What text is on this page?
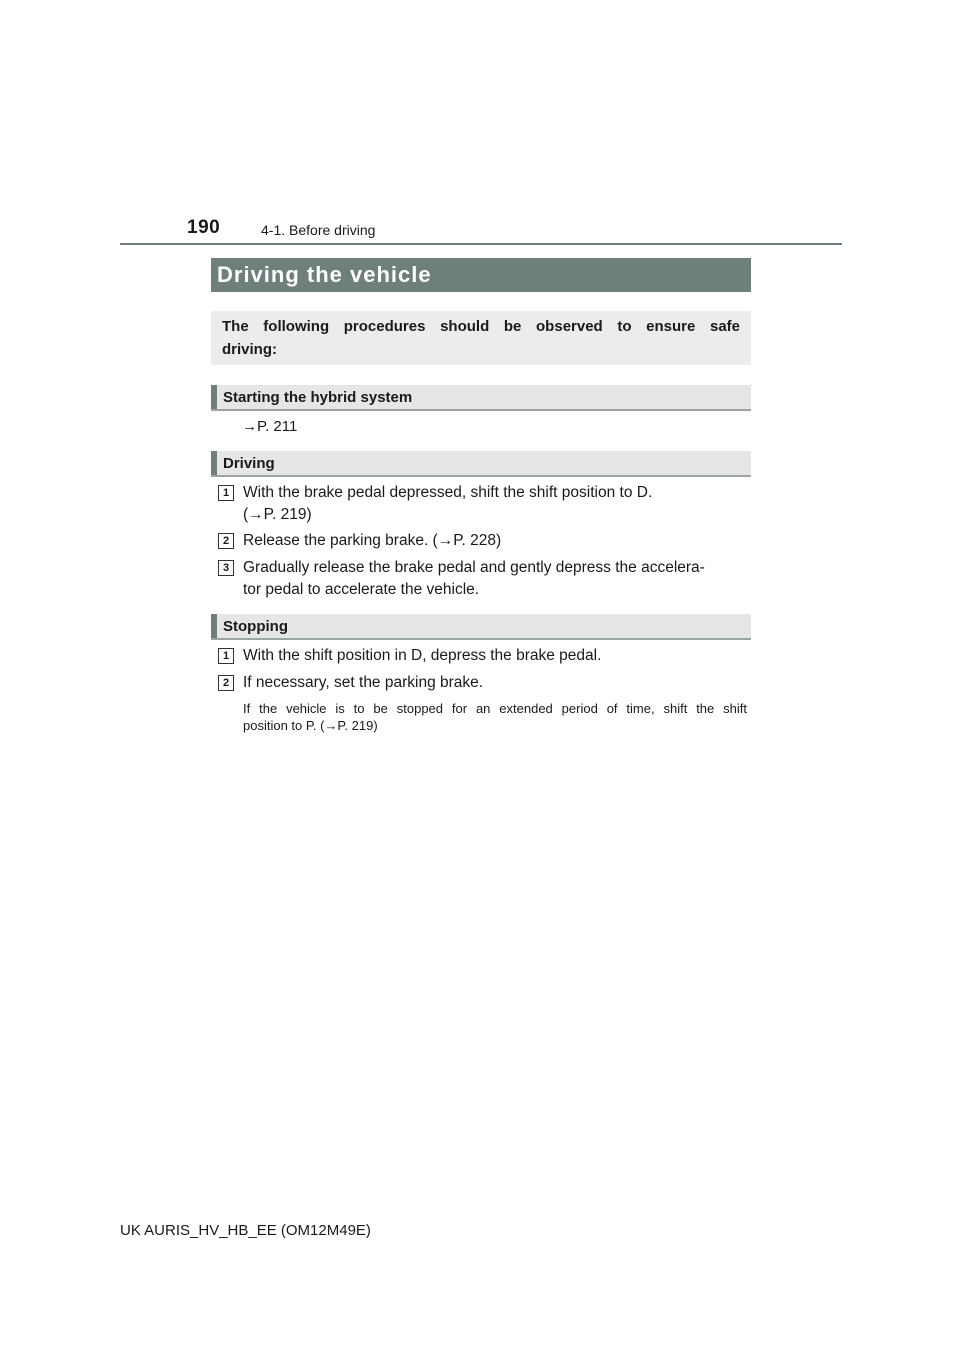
190	4-1. Before driving
Driving the vehicle
The following procedures should be observed to ensure safe
driving:
Starting the hybrid system
→P. 211
Driving
1 With the brake pedal depressed, shift the shift position to D.
(→P. 219)
2 Release the parking brake. (→P. 228)
3 Gradually release the brake pedal and gently depress the accelera-
tor pedal to accelerate the vehicle.
Stopping
1 With the shift position in D, depress the brake pedal.
2 If necessary, set the parking brake.
If the vehicle is to be stopped for an extended period of time, shift the shift
position to P. (→P. 219)
UK AURIS_HV_HB_EE (OM12M49E)
